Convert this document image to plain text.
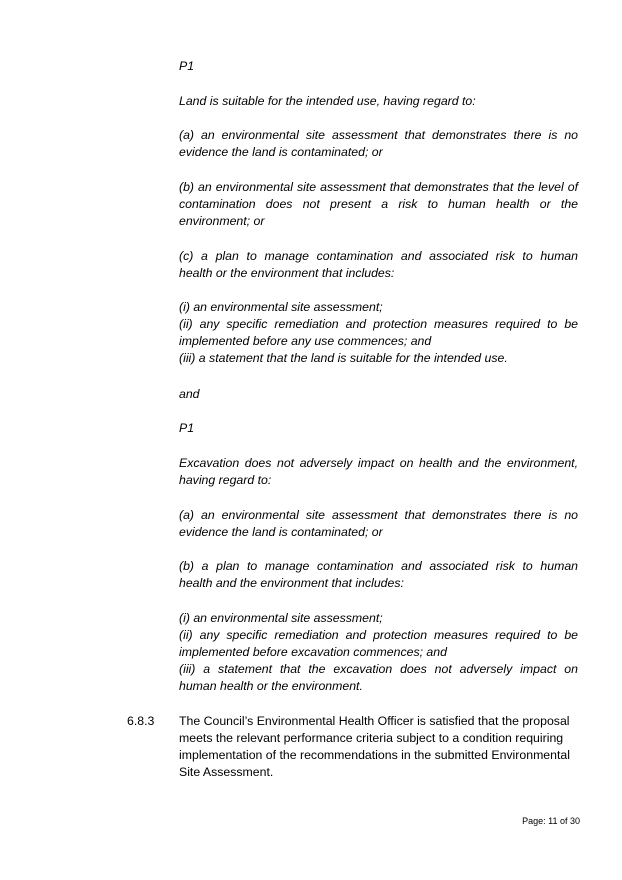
P1
Land is suitable for the intended use, having regard to:
(a) an environmental site assessment that demonstrates there is no
evidence the land is contaminated; or
(b) an environmental site assessment that demonstrates that the level of
contamination does not present a risk to human health or the
environment; or
(c) a plan to manage contamination and associated risk to human
health or the environment that includes:
(i) an environmental site assessment;
(ii) any specific remediation and protection measures required to be
implemented before any use commences; and
(iii) a statement that the land is suitable for the intended use.
and
P1
Excavation does not adversely impact on health and the environment,
having regard to:
(a) an environmental site assessment that demonstrates there is no
evidence the land is contaminated; or
(b) a plan to manage contamination and associated risk to human
health and the environment that includes:
(i) an environmental site assessment;
(ii) any specific remediation and protection measures required to be
implemented before excavation commences; and
(iii) a statement that the excavation does not adversely impact on
human health or the environment.
6.8.3 The Council’s Environmental Health Officer is satisfied that the proposal
meets the relevant performance criteria subject to a condition requiring
implementation of the recommendations in the submitted Environmental
Site Assessment.
Page: 11 of 30
